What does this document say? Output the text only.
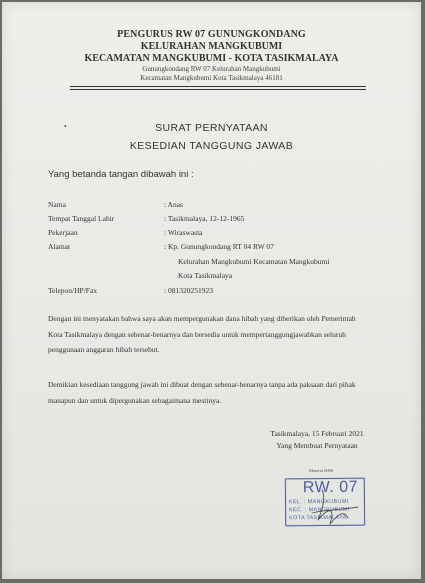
PENGURUS RW 07 GUNUNGKONDANG
KELURAHAN MANGKUBUMI
KECAMATAN MANGKUBUMI - KOTA TASIKMALAYA
Gunungkondang RW 07 Kelurahan Mangkubumi
Kecamatan Mangkubumi Kota Tasikmalaya 46181
•	SURAT PERNYATAAN
KESEDIAN TANGGUNG JAWAB
Yang betanda tangan dibawah ini :
Nama	: Anas
Tempat Tanggal Lahir	: Tasikmalaya, 12-12-1965
Pekerjaan	: Wiraswasta
Alamat	: Kp. Gunungkondang RT 04 RW 07
Kelurahan Mangkubumi Kecamatan Mangkubumi
Kota Tasikmalaya
Telepon/HP/Fax	: 081320251923
Dengan ini menyatakan bahwa saya akan mempergunakan dana hibah yang diberikan oleh Pemerintah
Kota Tasikmalaya dengan sebenar-benarnya dan bersedia untuk mempertanggungjawabkan seluruh
penggunaan anggaran hibah tersebut.
Demikian kesediaan tanggung jawab ini dibuat dengan sebenar-benarnya tanpa ada paksaan dari pihak
manapun dan untuk dipergunakan sebagaimana mestinya.
Tasikmalaya, 15 Februari 2021
Yang Membuat Pernyataan
Materai 6000
RW. 07
KEL. : MANGKUBUMI
KEC. : MANGKUBUMI
KOTA TASIKMALAYA
